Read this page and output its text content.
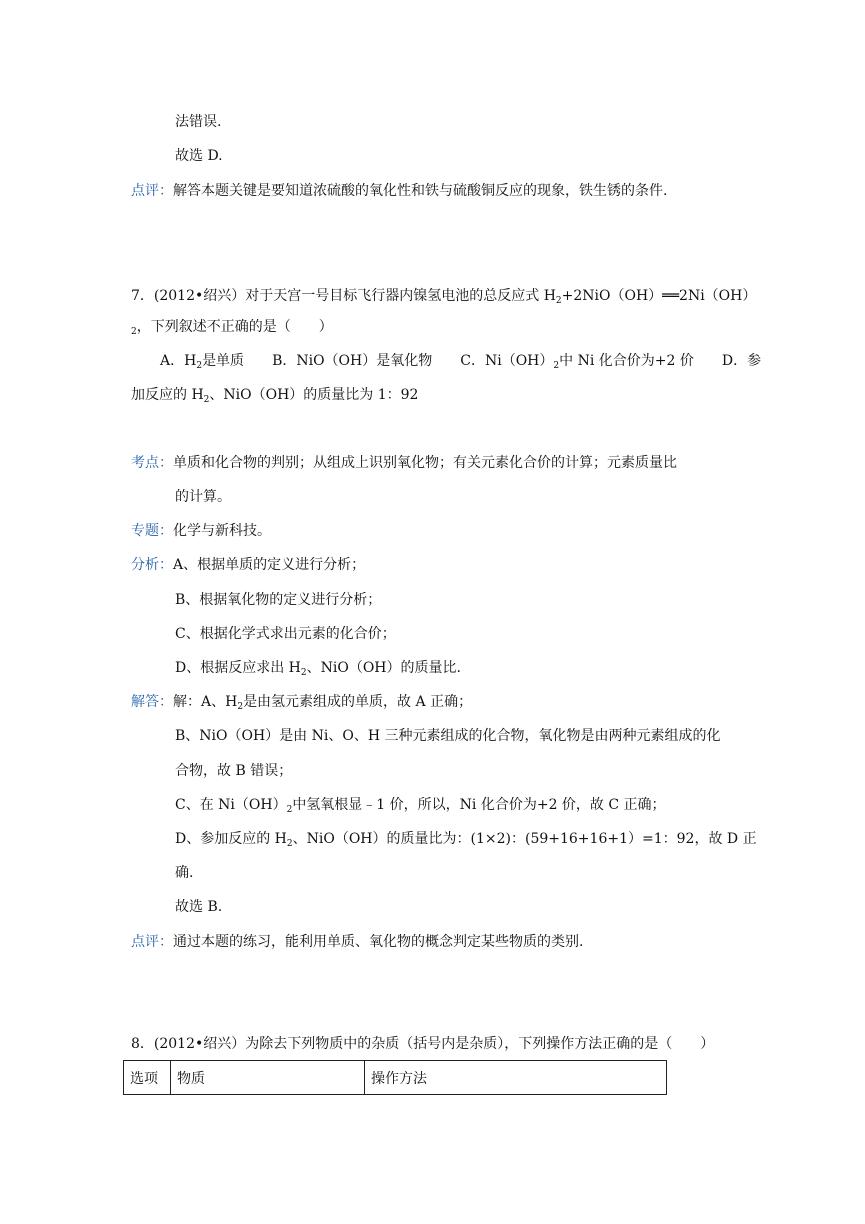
法错误.
故选 D.
点评：解答本题关键是要知道浓硫酸的氧化性和铁与硫酸铜反应的现象，铁生锈的条件.
7．(2012•绍兴）对于天宫一号目标飞行器内镍氢电池的总反应式 $H_2+2NiO(OH)══2Ni(OH)$
$_2$，下列叙述不正确的是（　　）
A．$H_2$是单质 B．NiO（OH）是氧化物 C．$Ni(OH)_2$中 Ni 化合价为+2 价 D．参
加反应的 $H_2$、NiO（OH）的质量比为 1：92
考点：单质和化合物的判别；从组成上识别氧化物；有关元素化合价的计算；元素质量比
的计算。
专题：化学与新科技。
分析：A、根据单质的定义进行分析；
B、根据氧化物的定义进行分析；
C、根据化学式求出元素的化合价；
D、根据反应求出 $H_2$、NiO（OH）的质量比.
解答：解：A、$H_2$是由氢元素组成的单质，故 A 正确；
B、NiO（OH）是由 Ni、O、H 三种元素组成的化合物，氧化物是由两种元素组成的化
合物，故 B 错误；
C、在 $Ni(OH)_2$中氢氧根显﹣1 价，所以，Ni 化合价为+2 价，故 C 正确；
D、参加反应的 $H_2$、NiO（OH）的质量比为：(1×2)：(59+16+16+1）=1：92，故 D 正
确.
故选 B.
点评：通过本题的练习，能利用单质、氧化物的概念判定某些物质的类别.
8．(2012•绍兴）为除去下列物质中的杂质（括号内是杂质），下列操作方法正确的是（　　）
选项	物质	操作方法
